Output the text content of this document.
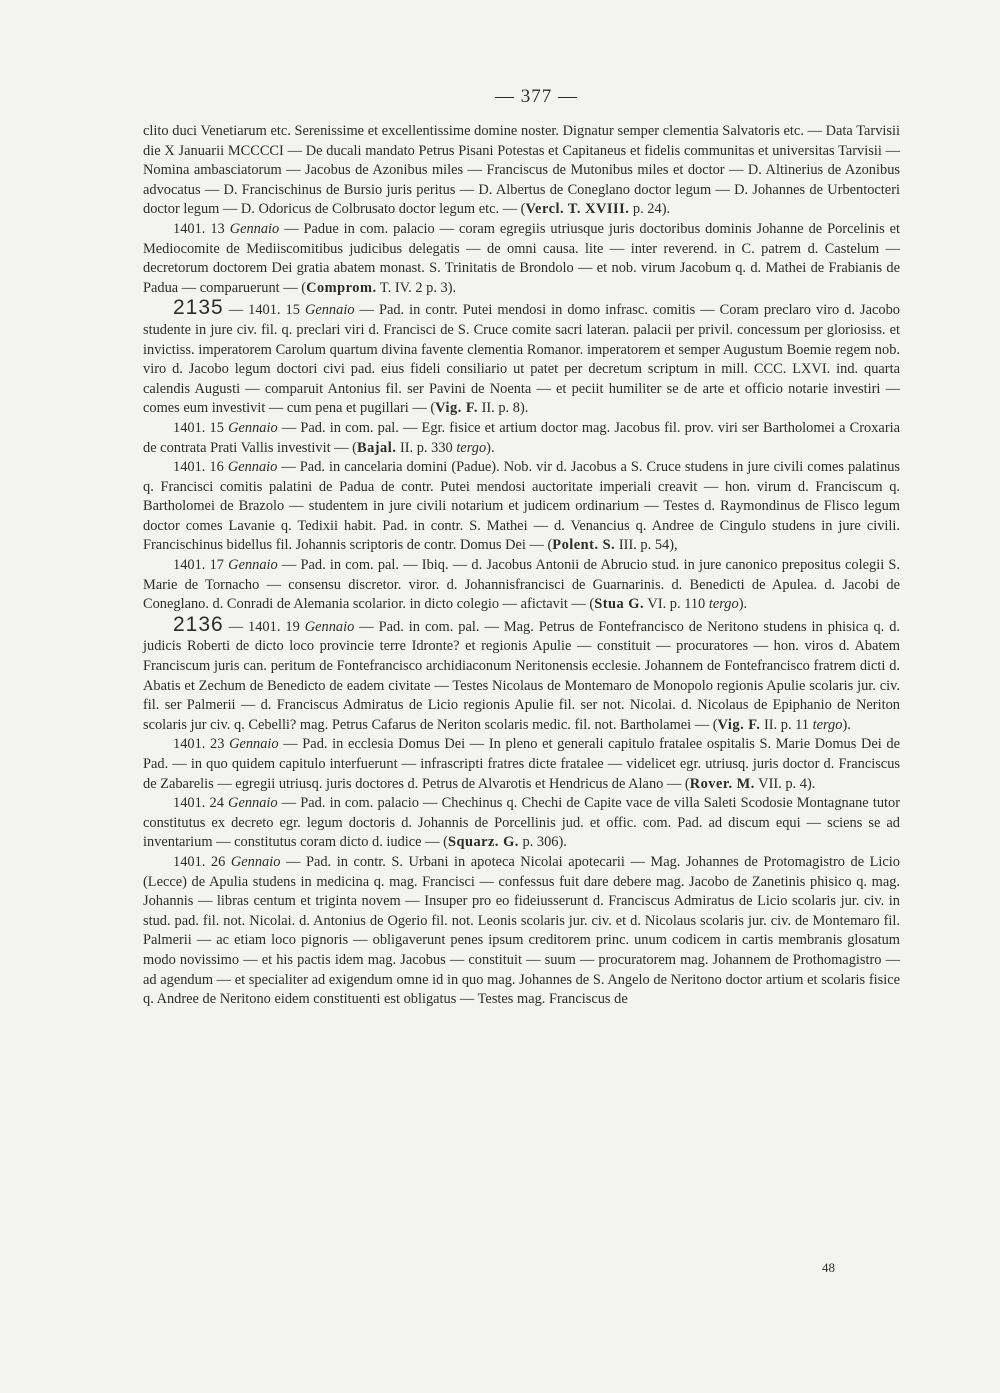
— 377 —

clito duci Venetiarum etc. Serenissime et excellentissime domine noster. Dignatur semper clementia Salvatoris etc. — Data Tarvisii die X Januarii MCCCCI — De ducali mandato Petrus Pisani Potestas et Capitaneus et fidelis communitas et universitas Tarvisii — Nomina ambasciatorum — Jacobus de Azonibus miles — Franciscus de Mutonibus miles et doctor — D. Altinerius de Azonibus advocatus — D. Francischinus de Bursio juris peritus — D. Albertus de Coneglano doctor legum — D. Johannes de Urbentocteri doctor legum — D. Odoricus de Colbrusato doctor legum etc. — (Vercl. T. XVIII. p. 24).

1401. 13 Gennaio — Padue in com. palacio — coram egregiis utriusque juris doctoribus dominis Johanne de Porcelinis et Mediocomite de Mediiscomitibus judicibus delegatis — de omni causa. lite — inter reverend. in C. patrem d. Castelum — decretorum doctorem Dei gratia abatem monast. S. Trinitatis de Brondolo — et nob. virum Jacobum q. d. Mathei de Frabianis de Padua — comparuerunt — (Comprom. T. IV. 2 p. 3).

2135 — 1401. 15 Gennaio — Pad. in contr. Putei mendosi in domo infrasc. comitis — Coram preclaro viro d. Jacobo studente in jure civ. fil. q. preclari viri d. Francisci de S. Cruce comite sacri lateran. palacii per privil. concessum per gloriosiss. et invictiss. imperatorem Carolum quartum divina favente clementia Romanor. imperatorem et semper Augustum Boemie regem nob. viro d. Jacobo legum doctori civi pad. eius fideli consiliario ut patet per decretum scriptum in mill. CCC. LXVI. ind. quarta calendis Augusti — comparuit Antonius fil. ser Pavini de Noenta — et peciit humiliter se de arte et officio notarie investiri — comes eum investivit — cum pena et pugillari — (Vig. F. II. p. 8).

1401. 15 Gennaio — Pad. in com. pal. — Egr. fisice et artium doctor mag. Jacobus fil. prov. viri ser Bartholomei a Croxaria de contrata Prati Vallis investivit — (Bajal. II. p. 330 tergo).

1401. 16 Gennaio — Pad. in cancelaria domini (Padue). Nob. vir d. Jacobus a S. Cruce studens in jure civili comes palatinus q. Francisci comitis palatini de Padua de contr. Putei mendosi auctoritate imperiali creavit — hon. virum d. Franciscum q. Bartholomei de Brazolo — studentem in jure civili notarium et judicem ordinarium — Testes d. Raymondinus de Flisco legum doctor comes Lavanie q. Tedixii habit. Pad. in contr. S. Mathei — d. Venancius q. Andree de Cingulo studens in jure civili. Francischinus bidellus fil. Johannis scriptoris de contr. Domus Dei — (Polent. S. III. p. 54),

1401. 17 Gennaio — Pad. in com. pal. — Ibiq. — d. Jacobus Antonii de Abrucio stud. in jure canonico prepositus colegii S. Marie de Tornacho — consensu discretor. viror. d. Johannisfrancisci de Guarnarinis. d. Benedicti de Apulea. d. Jacobi de Coneglano. d. Conradi de Alemania scolarior. in dicto colegio — afictavit — (Stua G. VI. p. 110 tergo).

2136 — 1401. 19 Gennaio — Pad. in com. pal. — Mag. Petrus de Fontefrancisco de Neritono studens in phisica q. d. judicis Roberti de dicto loco provincie terre Idronte? et regionis Apulie — constituit — procuratores — hon. viros d. Abatem Franciscum juris can. peritum de Fontefrancisco archidiaconum Neritonensis ecclesie. Johannem de Fontefrancisco fratrem dicti d. Abatis et Zechum de Benedicto de eadem civitate — Testes Nicolaus de Montemaro de Monopolo regionis Apulie scolaris jur. civ. fil. ser Palmerii — d. Franciscus Admiratus de Licio regionis Apulie fil. ser not. Nicolai. d. Nicolaus de Epiphanio de Neriton scolaris jur civ. q. Cebelli? mag. Petrus Cafarus de Neriton scolaris medic. fil. not. Bartholamei — (Vig. F. II. p. 11 tergo).

1401. 23 Gennaio — Pad. in ecclesia Domus Dei — In pleno et generali capitulo fratalee ospitalis S. Marie Domus Dei de Pad. — in quo quidem capitulo interfuerunt — infrascripti fratres dicte fratalee — videlicet egr. utriusq. juris doctor d. Franciscus de Zabarelis — egregii utriusq. juris doctores d. Petrus de Alvarotis et Hendricus de Alano — (Rover. M. VII. p. 4).

1401. 24 Gennaio — Pad. in com. palacio — Chechinus q. Chechi de Capite vace de villa Saleti Scodosie Montagnane tutor constitutus ex decreto egr. legum doctoris d. Johannis de Porcellinis jud. et offic. com. Pad. ad discum equi — sciens se ad inventarium — constitutus coram dicto d. iudice — (Squarz. G. p. 306).

1401. 26 Gennaio — Pad. in contr. S. Urbani in apoteca Nicolai apotecarii — Mag. Johannes de Protomagistro de Licio (Lecce) de Apulia studens in medicina q. mag. Francisci — confessus fuit dare debere mag. Jacobo de Zanetinis phisico q. mag. Johannis — libras centum et triginta novem — Insuper pro eo fideiusserunt d. Franciscus Admiratus de Licio scolaris jur. civ. in stud. pad. fil. not. Nicolai. d. Antonius de Ogerio fil. not. Leonis scolaris jur. civ. et d. Nicolaus scolaris jur. civ. de Montemaro fil. Palmerii — ac etiam loco pignoris — obligaverunt penes ipsum creditorem princ. unum codicem in cartis membranis glosatum modo novissimo — et his pactis idem mag. Jacobus — constituit — suum — procuratorem mag. Johannem de Prothomagistro — ad agendum — et specialiter ad exigendum omne id in quo mag. Johannes de S. Angelo de Neritono doctor artium et scolaris fisice q. Andree de Neritono eidem constituenti est obligatus — Testes mag. Franciscus de

48
